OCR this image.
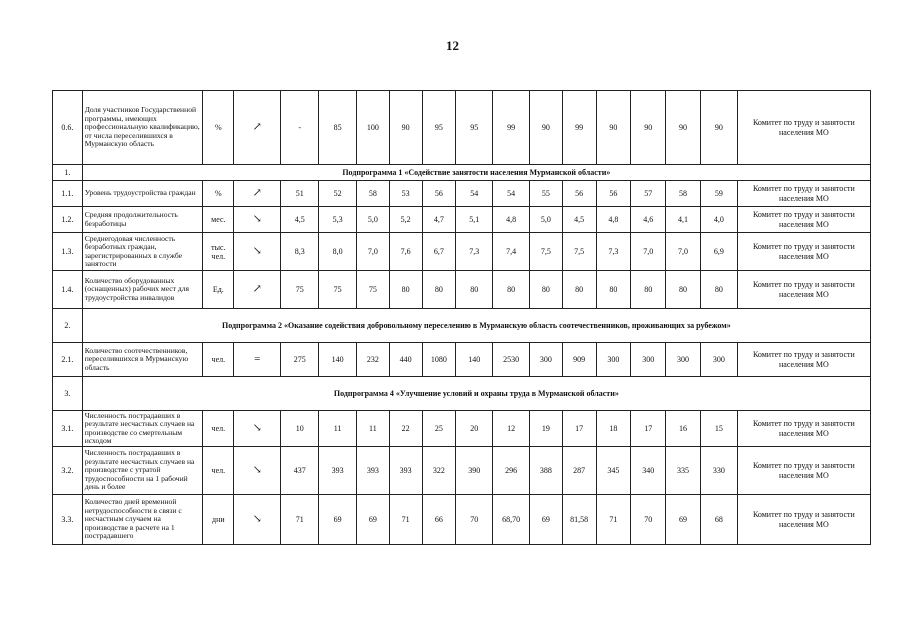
12
0.6.	Доля участников Государственной программы, имеющих профессиональную квалификацию, от числа переселившихся в Мурманскую область	%	↗	-	85	100	90	95	95	99	90	99	90	90	90	90	Комитет по труду и занятости населения МО
1.	Подпрограмма 1 «Содействие занятости населения Мурманской области»																
1.1.	Уровень трудоустройства граждан	%	↗	51	52	58	53	56	54	54	55	56	56	57	58	59	Комитет по труду и занятости населения МО
1.2.	Средняя продолжительность безработицы	мес.	↘	4,5	5,3	5,0	5,2	4,7	5,1	4,8	5,0	4,5	4,8	4,6	4,1	4,0	Комитет по труду и занятости населения МО
1.3.	Среднегодовая численность безработных граждан, зарегистрированных в службе занятости	тыс. чел.	↘	8,3	8,0	7,0	7,6	6,7	7,3	7,4	7,5	7,5	7,3	7,0	7,0	6,9	Комитет по труду и занятости населения МО
1.4.	Количество оборудованных (оснащенных) рабочих мест для трудоустройства инвалидов	Ед.	↗	75	75	75	80	80	80	80	80	80	80	80	80	80	Комитет по труду и занятости населения МО
2.	Подпрограмма 2 «Оказание содействия добровольному переселению в Мурманскую область соотечественников, проживающих за рубежом»																
2.1.	Количество соотечественников, переселившихся в Мурманскую область	чел.	=	275	140	232	440	1080	140	2530	300	909	300	300	300	300	Комитет по труду и занятости населения МО
3.	Подпрограмма 4 «Улучшение условий и охраны труда в Мурманской области»																
3.1.	Численность пострадавших в результате несчастных случаев на производстве со смертельным исходом	чел.	↘	10	11	11	22	25	20	12	19	17	18	17	16	15	Комитет по труду и занятости населения МО
3.2.	Численность пострадавших в результате несчастных случаев на производстве с утратой трудоспособности на 1 рабочий день и более	чел.	↘	437	393	393	393	322	390	296	388	287	345	340	335	330	Комитет по труду и занятости населения МО
3.3.	Количество дней временной нетрудоспособности в связи с несчастным случаем на производстве в расчете на 1 пострадавшего	дни	↘	71	69	69	71	66	70	68,70	69	81,58	71	70	69	68	Комитет по труду и занятости населения МО
